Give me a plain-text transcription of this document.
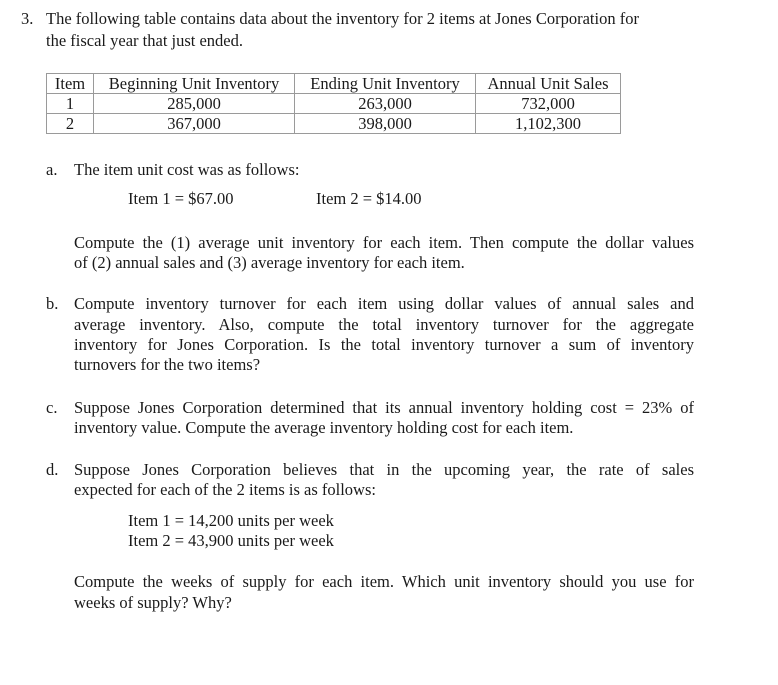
3. The following table contains data about the inventory for 2 items at Jones Corporation for
the fiscal year that just ended.
Item	Beginning Unit Inventory	Ending Unit Inventory	Annual Unit Sales
1	285,000	263,000	732,000
2	367,000	398,000	1,102,300
a. The item unit cost was as follows:
Item 1 = $67.00	Item 2 = $14.00
Compute the (1) average unit inventory for each item. Then compute the dollar values
of (2) annual sales and (3) average inventory for each item.
b. Compute inventory turnover for each item using dollar values of annual sales and
average inventory. Also, compute the total inventory turnover for the aggregate
inventory for Jones Corporation. Is the total inventory turnover a sum of inventory
turnovers for the two items?
c. Suppose Jones Corporation determined that its annual inventory holding cost = 23% of
inventory value. Compute the average inventory holding cost for each item.
d. Suppose Jones Corporation believes that in the upcoming year, the rate of sales
expected for each of the 2 items is as follows:
Item 1 = 14,200 units per week
Item 2 = 43,900 units per week
Compute the weeks of supply for each item. Which unit inventory should you use for
weeks of supply? Why?
